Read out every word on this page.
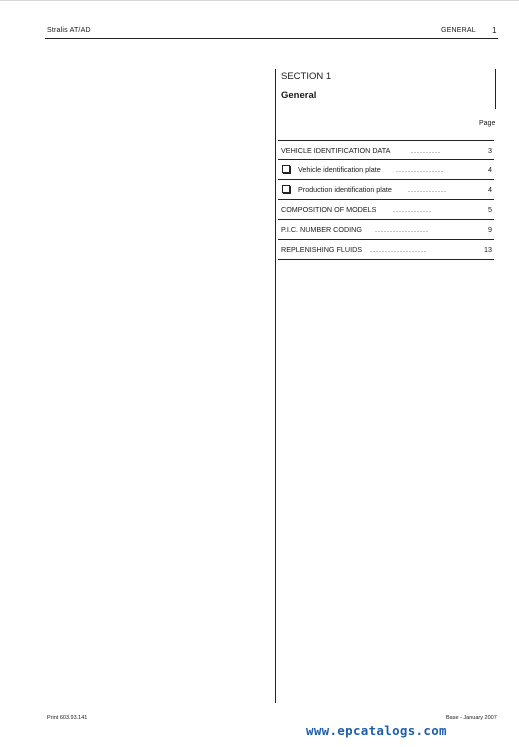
Stralis AT/AD	GENERAL 1
SECTION 1
General
Page
VEHICLE IDENTIFICATION DATA	..........	3
Vehicle identification plate ................	4
Production identification plate .............	4
COMPOSITION OF MODELS .............	5
P.I.C. NUMBER CODING ..................	9
REPLENISHING FLUIDS ...................	13
Print 603.93.141	Base - January 2007
www.epcatalogs.com
